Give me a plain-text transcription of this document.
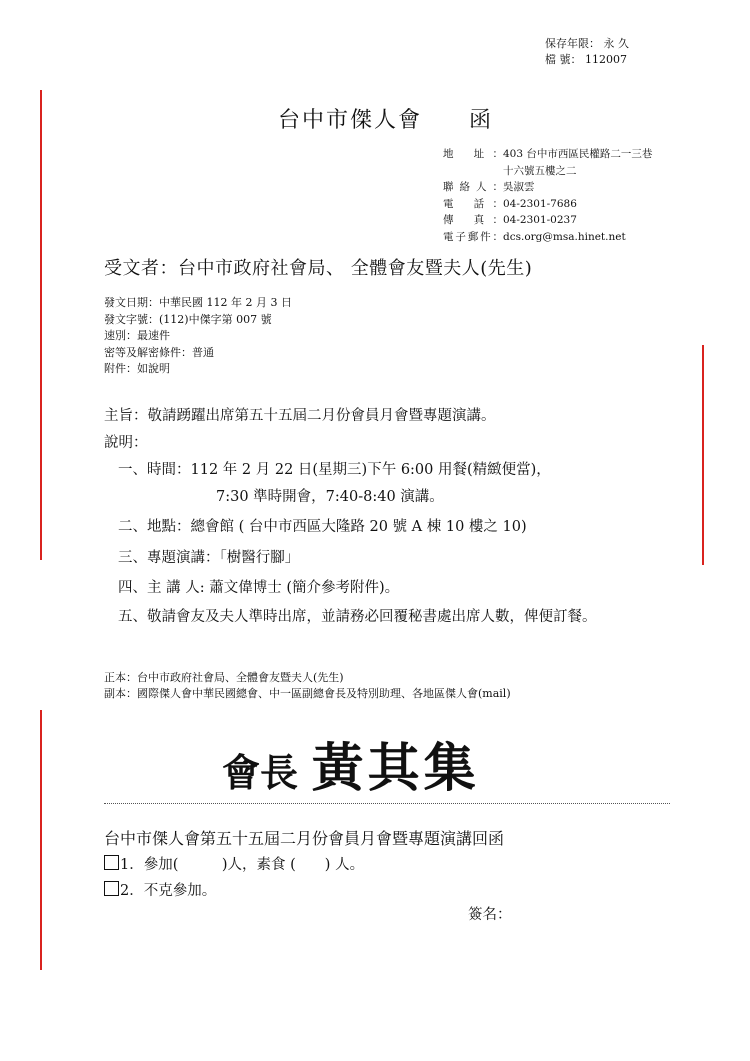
保存年限： 永 久
檔 號： 112007
台中市傑人會 函
地 址：403 台中市西區民權路二一三巷
十六號五樓之二
聯絡人：吳淑雲
電 話：04-2301-7686
傳 真：04-2301-0237
電子郵件：dcs.org@msa.hinet.net
受文者：台中市政府社會局、 全體會友暨夫人(先生)
發文日期：中華民國 112 年 2 月 3 日
發文字號：(112)中傑字第 007 號
速別：最速件
密等及解密條件：普通
附件：如說明
主旨：敬請踴躍出席第五十五屆二月份會員月會暨專題演講。
說明：
一、時間：112 年 2 月 22 日(星期三)下午 6:00 用餐(精緻便當)，
7:30 準時開會，7:40-8:40 演講。
二、地點：總會館 ( 台中市西區大隆路 20 號 A 棟 10 樓之 10)
三、專題演講：「樹醫行腳」
四、主 講 人: 蕭文偉博士 (簡介參考附件)。
五、敬請會友及夫人準時出席，並請務必回覆秘書處出席人數，俾便訂餐。
正本：台中市政府社會局、全體會友暨夫人(先生)
副本：國際傑人會中華民國總會、中一區副總會長及特別助理、各地區傑人會(mail)
會長 黃其集
台中市傑人會第五十五屆二月份會員月會暨專題演講回函
1．參加(　　　)人，素食 (　　) 人。
2．不克參加。
簽名：
